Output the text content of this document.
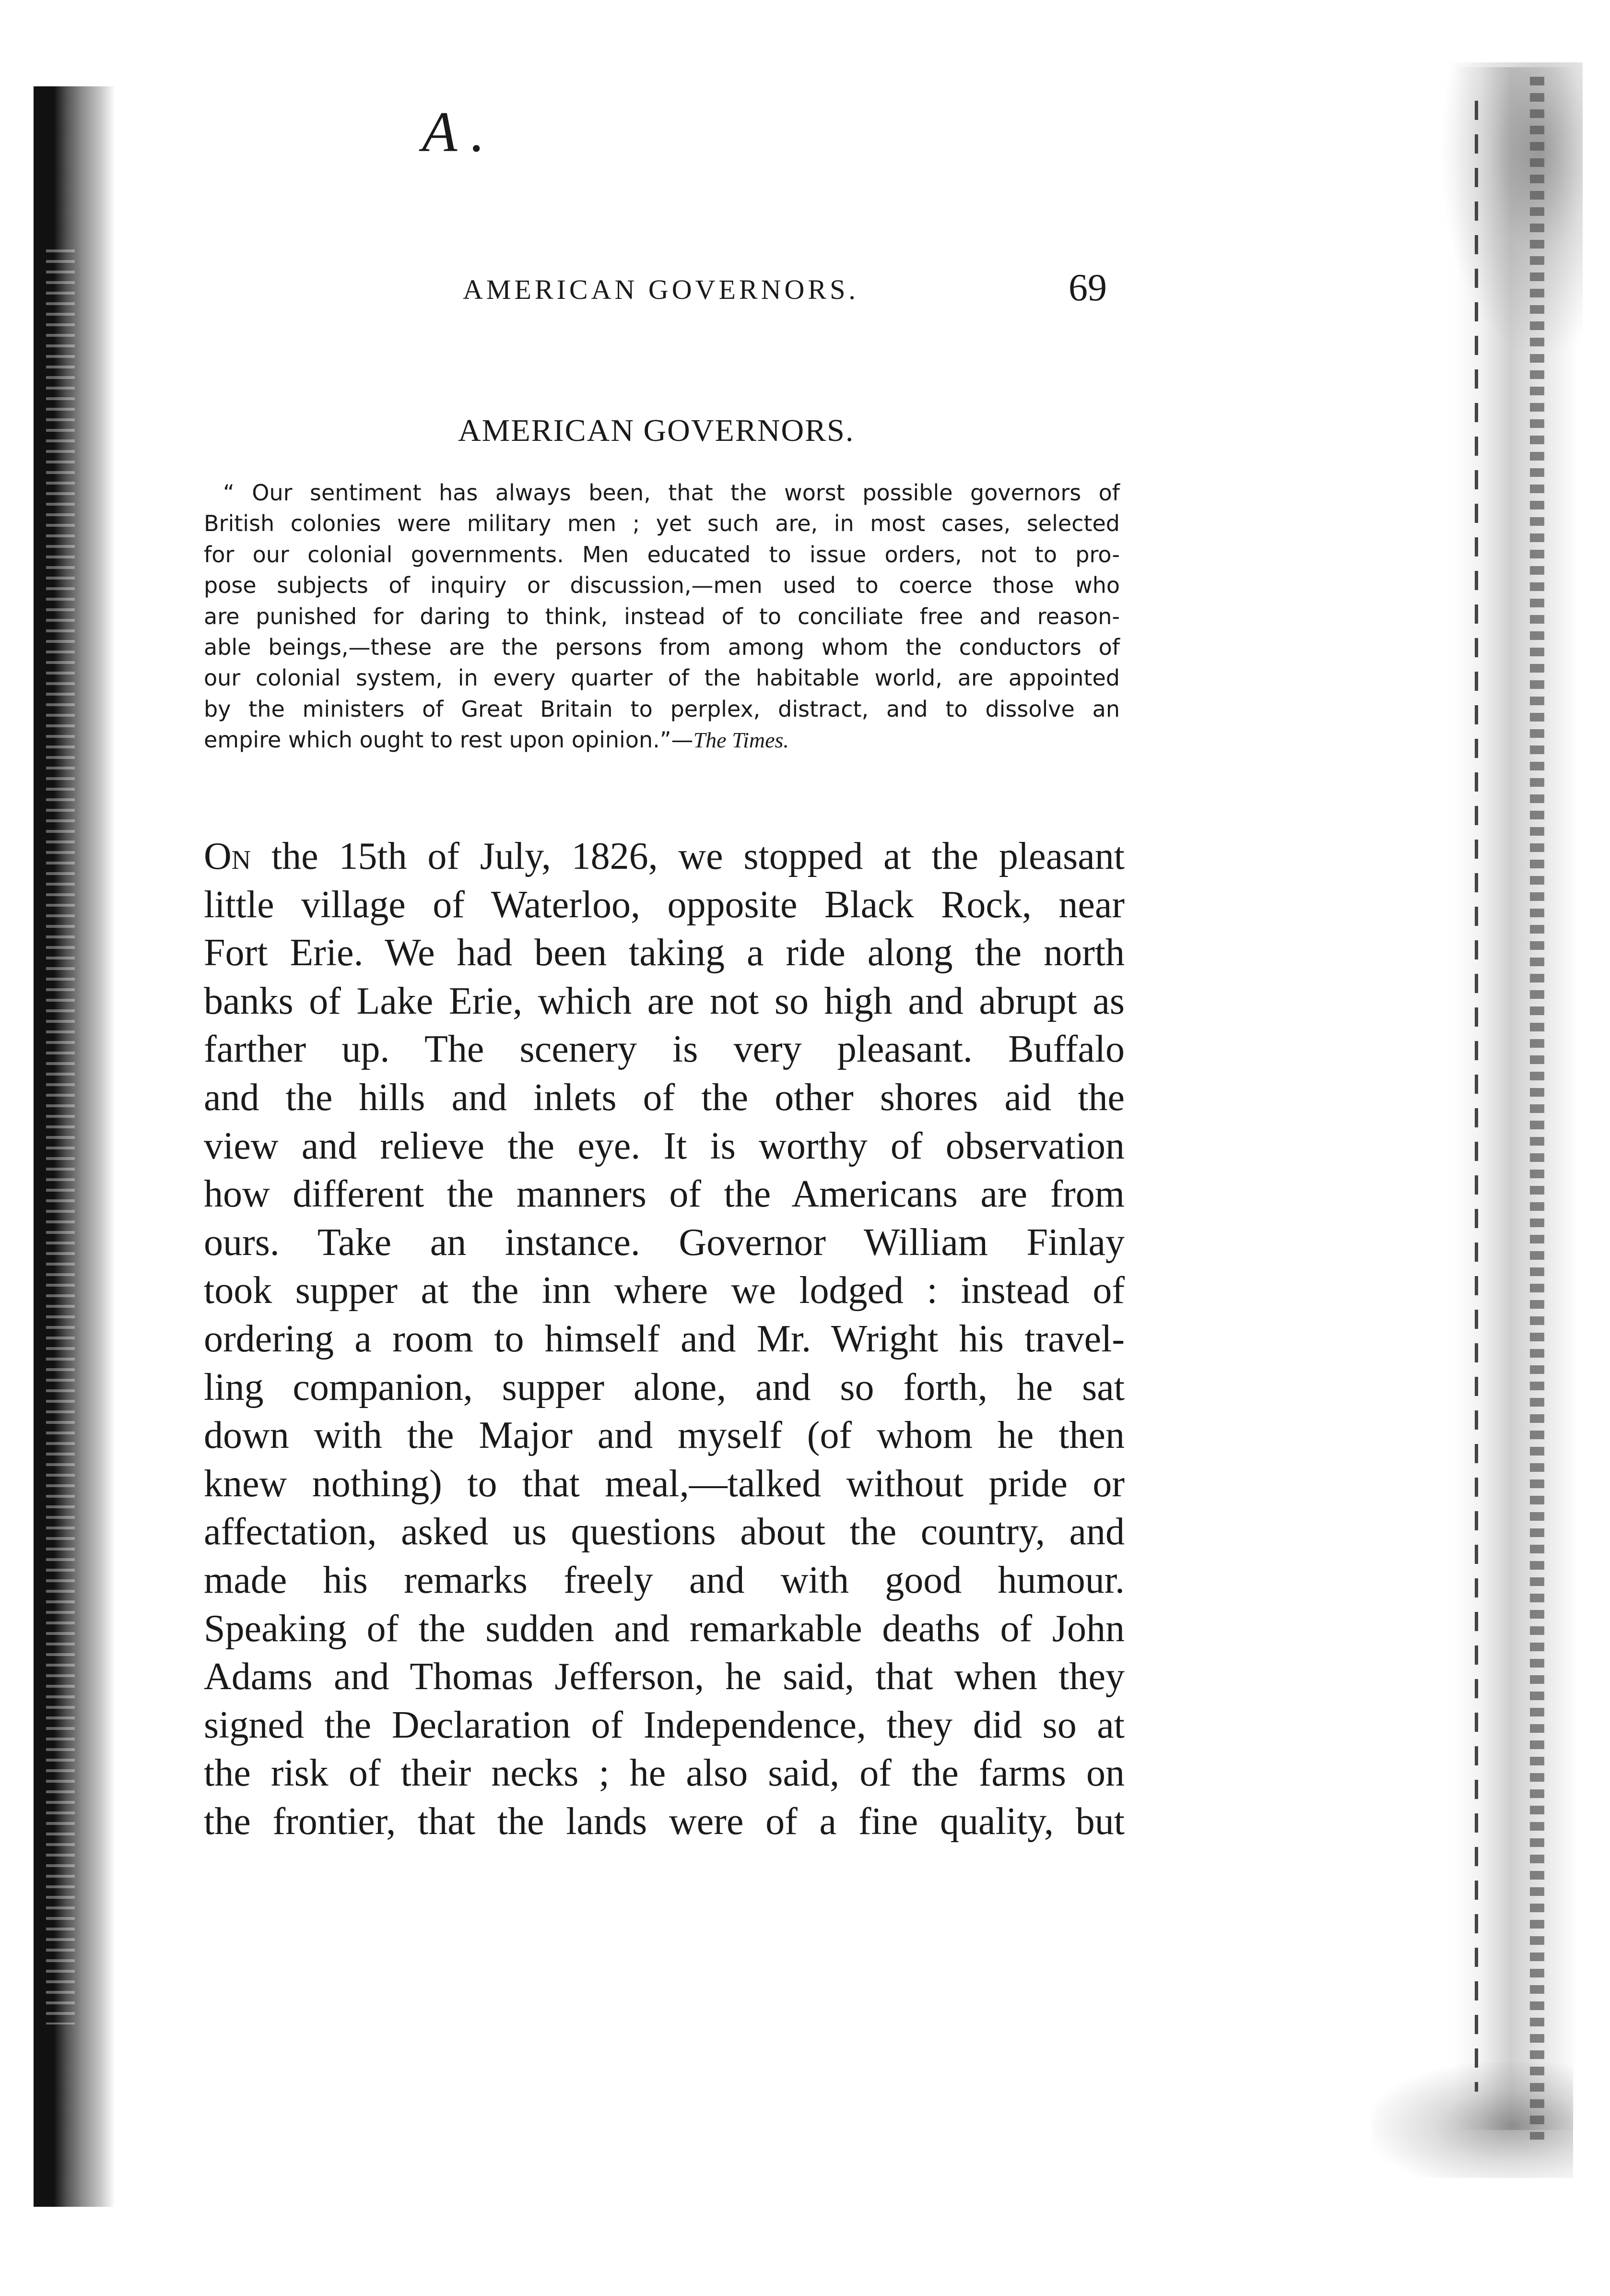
A .
AMERICAN GOVERNORS.	69
AMERICAN GOVERNORS.
“ Our sentiment has always been, that the worst possible governors of
British colonies were military men ; yet such are, in most cases, selected
for our colonial governments. Men educated to issue orders, not to pro-
pose subjects of inquiry or discussion,—men used to coerce those who
are punished for daring to think, instead of to conciliate free and reason-
able beings,—these are the persons from among whom the conductors of
our colonial system, in every quarter of the habitable world, are appointed
by the ministers of Great Britain to perplex, distract, and to dissolve an
empire which ought to rest upon opinion.”—The Times.
On the 15th of July, 1826, we stopped at the pleasant
little village of Waterloo, opposite Black Rock, near
Fort Erie. We had been taking a ride along the north
banks of Lake Erie, which are not so high and abrupt as
farther up. The scenery is very pleasant. Buffalo
and the hills and inlets of the other shores aid the
view and relieve the eye. It is worthy of observation
how different the manners of the Americans are from
ours. Take an instance. Governor William Finlay
took supper at the inn where we lodged : instead of
ordering a room to himself and Mr. Wright his travel-
ling companion, supper alone, and so forth, he sat
down with the Major and myself (of whom he then
knew nothing) to that meal,—talked without pride or
affectation, asked us questions about the country, and
made his remarks freely and with good humour.
Speaking of the sudden and remarkable deaths of John
Adams and Thomas Jefferson, he said, that when they
signed the Declaration of Independence, they did so at
the risk of their necks ; he also said, of the farms on
the frontier, that the lands were of a fine quality, but
